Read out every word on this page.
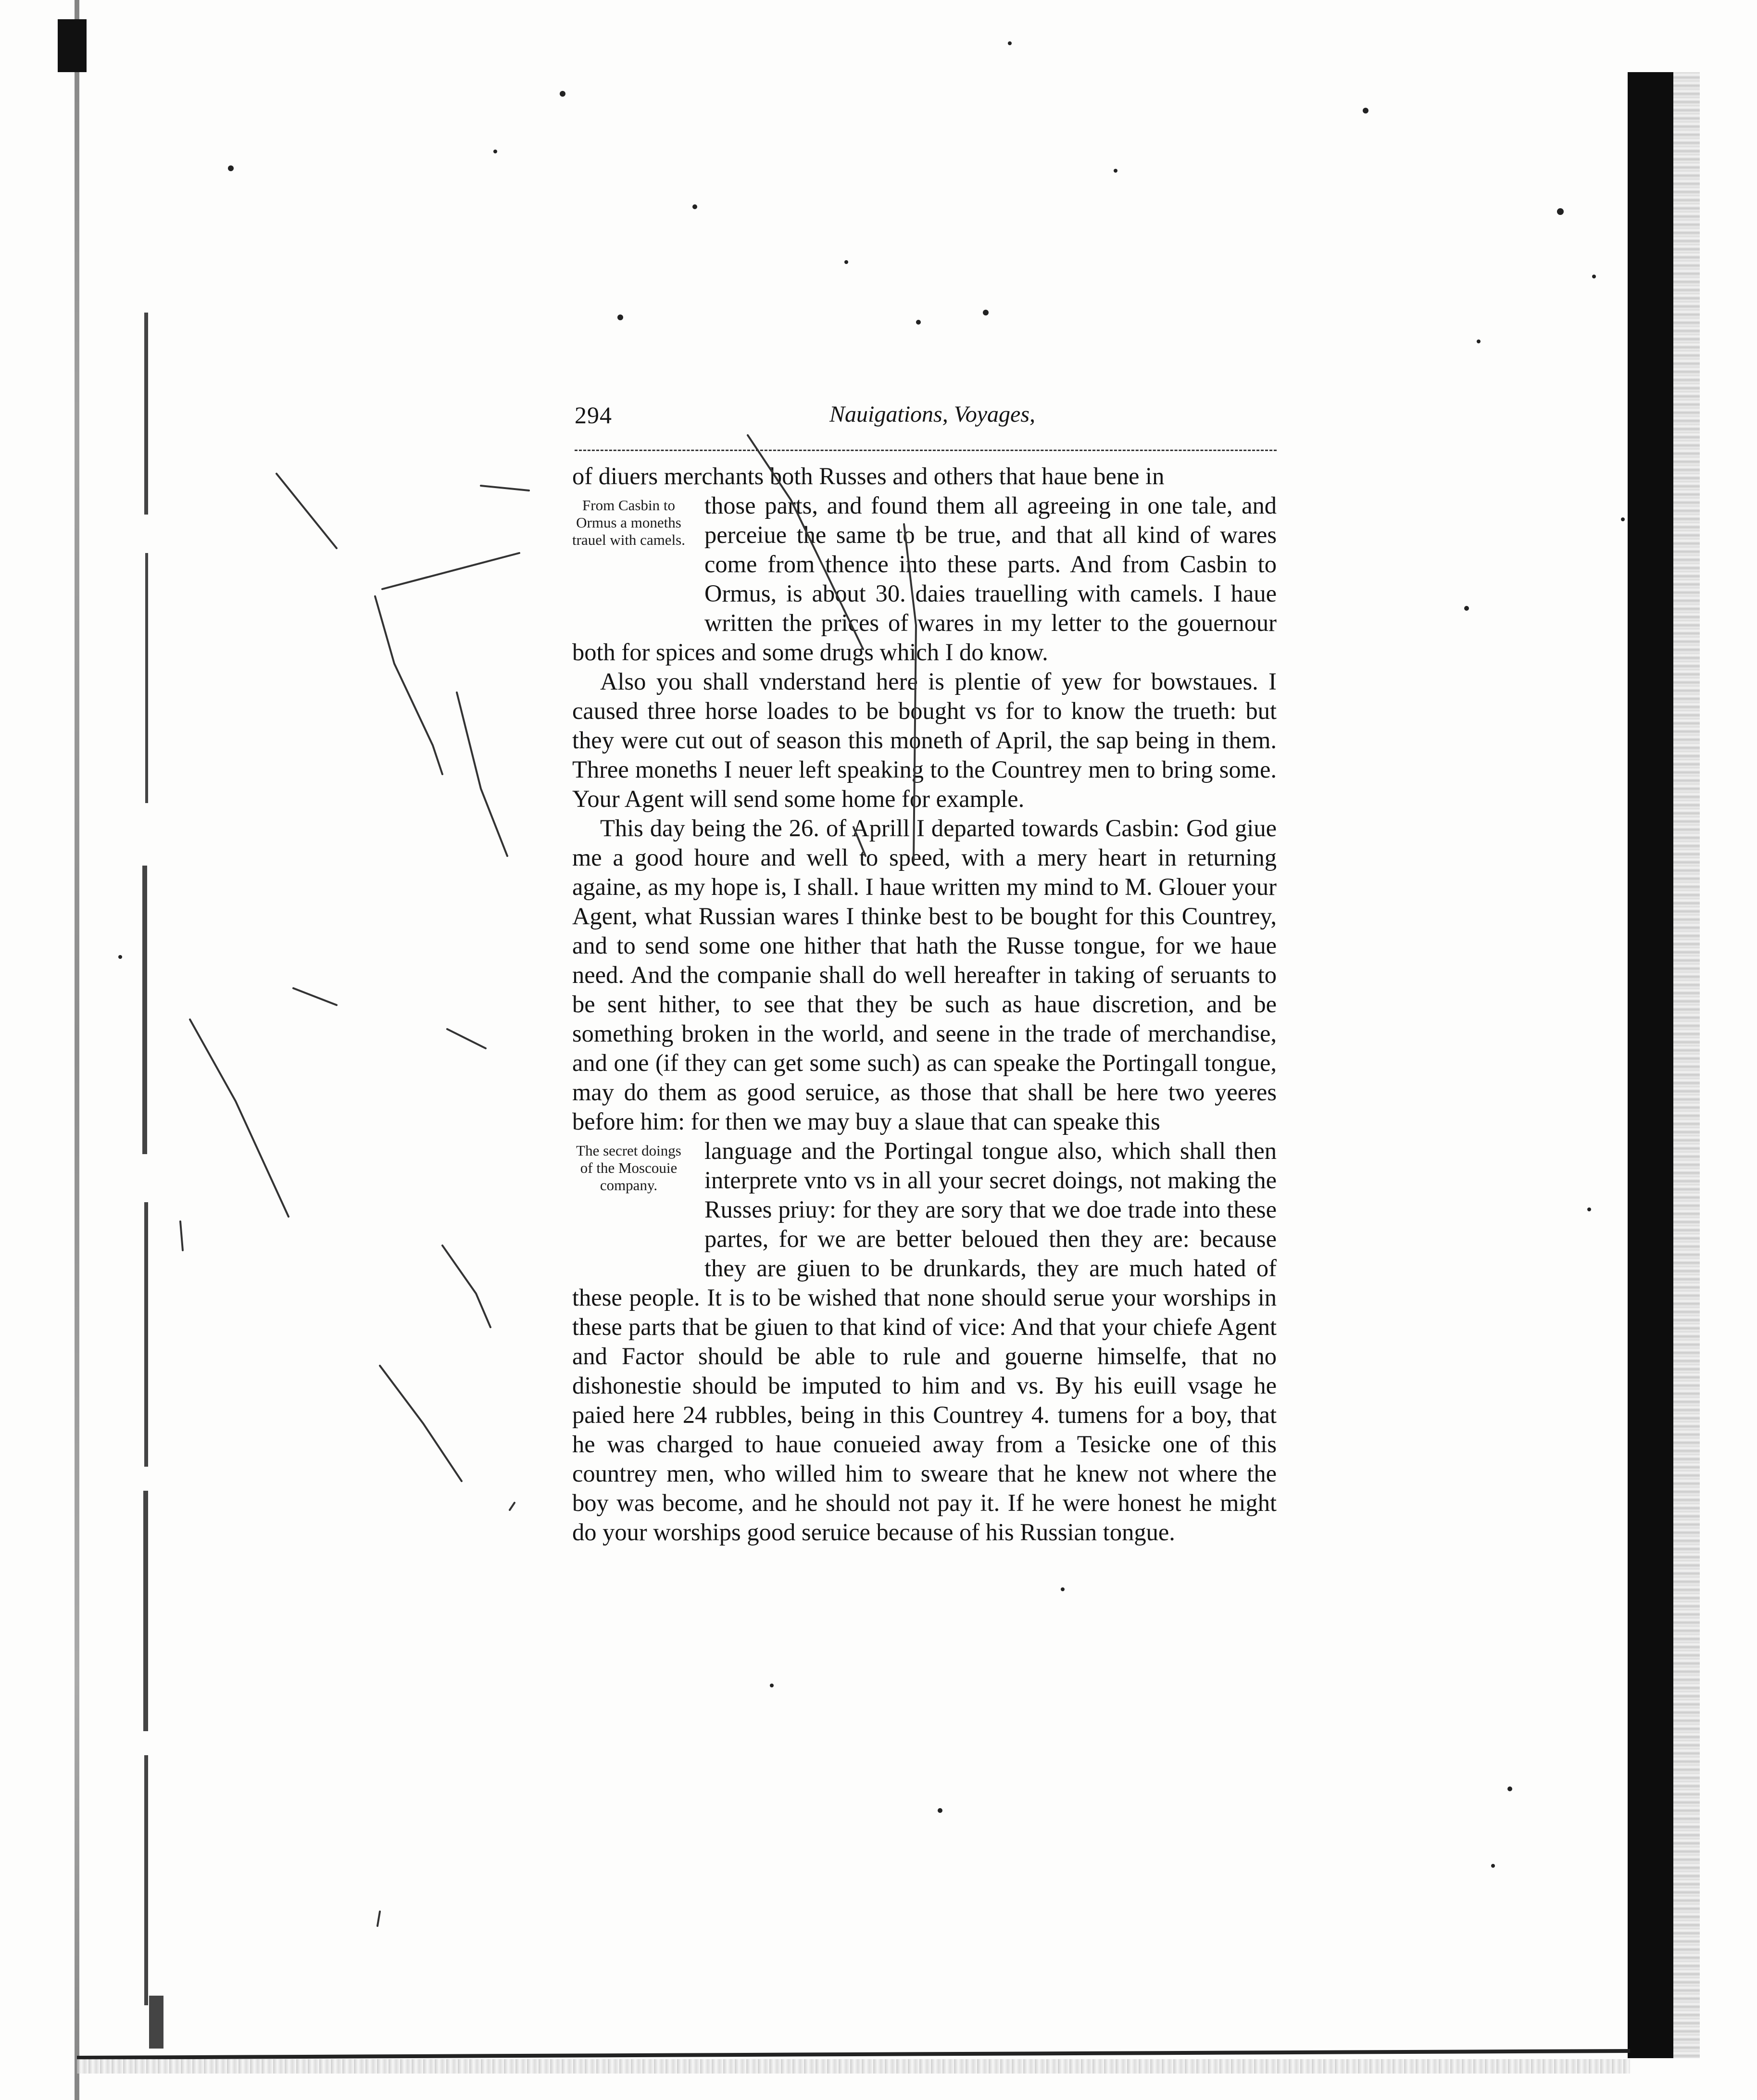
294	Nauigations, Voyages,

of diuers merchants both Russes and others that haue bene in

From Casbin to Ormus a moneths trauel with camels.

those parts, and found them all agreeing in one tale, and perceiue the same to be true, and that all kind of wares come from thence into these parts. And from Casbin to Ormus, is about 30. daies trauelling with camels. I haue written the prices of wares in my letter to the gouernour both for spices and some drugs which I do know.

Also you shall vnderstand here is plentie of yew for bowstaues. I caused three horse loades to be bought vs for to know the trueth: but they were cut out of season this moneth of April, the sap being in them. Three moneths I neuer left speaking to the Countrey men to bring some. Your Agent will send some home for example.

This day being the 26. of Aprill I departed towards Casbin: God giue me a good houre and well to speed, with a mery heart in returning againe, as my hope is, I shall. I haue written my mind to M. Glouer your Agent, what Russian wares I thinke best to be bought for this Countrey, and to send some one hither that hath the Russe tongue, for we haue need. And the companie shall do well hereafter in taking of seruants to be sent hither, to see that they be such as haue discretion, and be something broken in the world, and seene in the trade of merchandise, and one (if they can get some such) as can speake the Portingall tongue, may do them as good seruice, as those that shall be here two yeeres before him: for then we may buy a slaue that can speake this

The secret doings of the Moscouie company.

language and the Portingal tongue also, which shall then interprete vnto vs in all your secret doings, not making the Russes priuy: for they are sory that we doe trade into these partes, for we are better beloued then they are: because they are giuen to be drunkards, they are much hated of these people. It is to be wished that none should serue your worships in these parts that be giuen to that kind of vice: And that your chiefe Agent and Factor should be able to rule and gouerne himselfe, that no dishonestie should be imputed to him and vs. By his euill vsage he paied here 24 rubbles, being in this Countrey 4. tumens for a boy, that he was charged to haue conueied away from a Tesicke one of this countrey men, who willed him to sweare that he knew not where the boy was become, and he should not pay it. If he were honest he might do your worships good seruice because of his Russian tongue.
